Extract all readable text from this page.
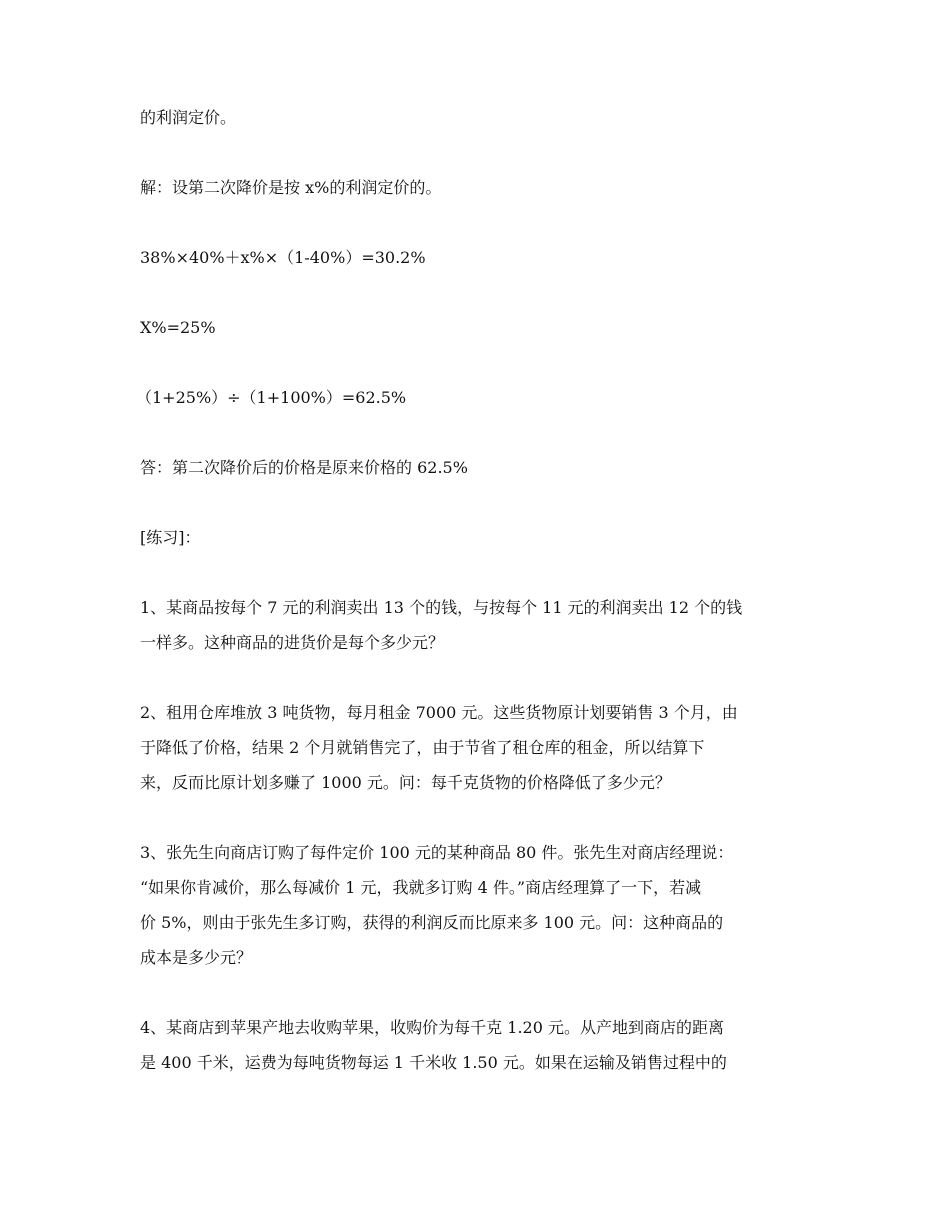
的利润定价。

解：设第二次降价是按 x%的利润定价的。

38%×40%＋x%×（1-40%）=30.2%

X%=25%

（1+25%）÷（1+100%）=62.5%

答：第二次降价后的价格是原来价格的 62.5%

[练习]：

1、某商品按每个 7 元的利润卖出 13 个的钱，与按每个 11 元的利润卖出 12 个的钱

一样多。这种商品的进货价是每个多少元？

2、租用仓库堆放 3 吨货物，每月租金 7000 元。这些货物原计划要销售 3 个月，由

于降低了价格，结果 2 个月就销售完了，由于节省了租仓库的租金，所以结算下

来，反而比原计划多赚了 1000 元。问：每千克货物的价格降低了多少元？

3、张先生向商店订购了每件定价 100 元的某种商品 80 件。张先生对商店经理说：

“如果你肯减价，那么每减价 1 元，我就多订购 4 件。”商店经理算了一下，若减

价 5%，则由于张先生多订购，获得的利润反而比原来多 100 元。问：这种商品的

成本是多少元？

4、某商店到苹果产地去收购苹果，收购价为每千克 1.20 元。从产地到商店的距离

是 400 千米，运费为每吨货物每运 1 千米收 1.50 元。如果在运输及销售过程中的
